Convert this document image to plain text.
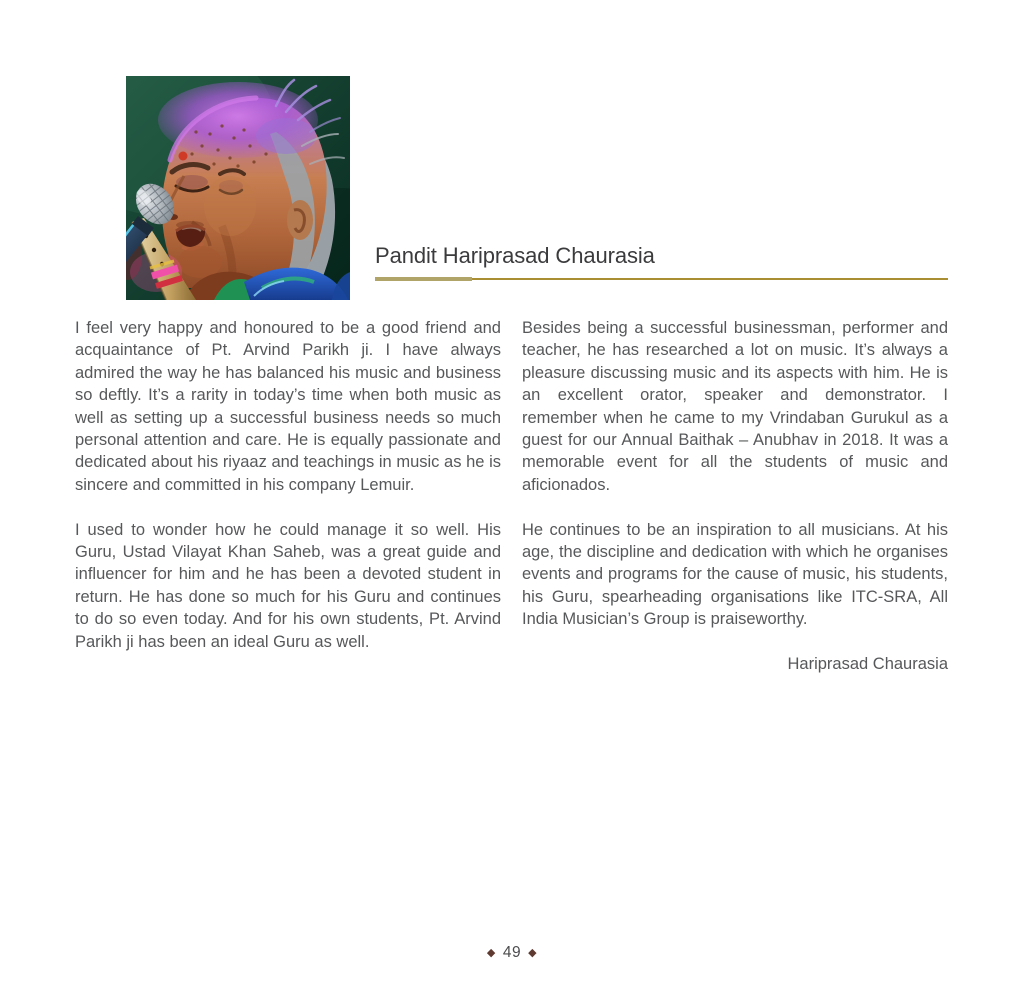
Pandit Hariprasad Chaurasia

I feel very happy and honoured to be a good friend and acquaintance of Pt. Arvind Parikh ji. I have always admired the way he has balanced his music and business so deftly. It’s a rarity in today’s time when both music as well as setting up a successful business needs so much personal attention and care. He is equally passionate and dedicated about his riyaaz and teachings in music as he is sincere and committed in his company Lemuir.

I used to wonder how he could manage it so well. His Guru, Ustad Vilayat Khan Saheb, was a great guide and influencer for him and he has been a devoted student in return. He has done so much for his Guru and continues to do so even today. And for his own students, Pt. Arvind Parikh ji has been an ideal Guru as well.

Besides being a successful businessman, performer and teacher, he has researched a lot on music. It’s always a pleasure discussing music and its aspects with him. He is an excellent orator, speaker and demonstrator. I remember when he came to my Vrindaban Gurukul as a guest for our Annual Baithak – Anubhav in 2018. It was a memorable event for all the students of music and aficionados.

He continues to be an inspiration to all musicians. At his age, the discipline and dedication with which he organises events and programs for the cause of music, his students, his Guru, spearheading organisations like ITC-SRA, All India Musician’s Group is praiseworthy.

Hariprasad Chaurasia

◆ 49 ◆
